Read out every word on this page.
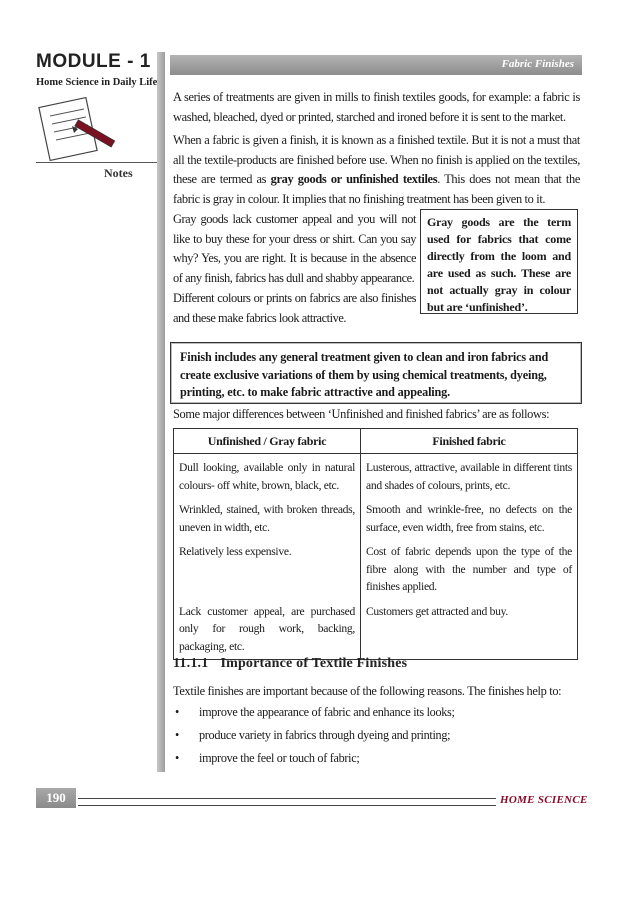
MODULE - 1
Home Science in Daily Life
Notes
Fabric Finishes

A series of treatments are given in mills to finish textiles goods, for example: a fabric is washed, bleached, dyed or printed, starched and ironed before it is sent to the market.

When a fabric is given a finish, it is known as a finished textile. But it is not a must that all the textile-products are finished before use. When no finish is applied on the textiles, these are termed as gray goods or unfinished textiles. This does not mean that the fabric is gray in colour. It implies that no finishing treatment has been given to it.

Gray goods lack customer appeal and you will not like to buy these for your dress or shirt. Can you say why? Yes, you are right. It is because in the absence of any finish, fabrics has dull and shabby appearance.

Different colours or prints on fabrics are also finishes and these make fabrics look attractive.

Gray goods are the term used for fabrics that come directly from the loom and are used as such. These are not actually gray in colour but are ‘unfinished’.
Finish includes any general treatment given to clean and iron fabrics and create exclusive variations of them by using chemical treatments, dyeing, printing, etc. to make fabric attractive and appealing.

Some major differences between ‘Unfinished and finished fabrics’ are as follows:

Unfinished / Gray fabric	Finished fabric
Dull looking, available only in natural colours- off white, brown, black, etc.	Lusterous, attractive, available in different tints and shades of colours, prints, etc.
Wrinkled, stained, with broken threads, uneven in width, etc.	Smooth and wrinkle-free, no defects on the surface, even width, free from stains, etc.
Relatively less expensive.	Cost of fabric depends upon the type of the fibre along with the number and type of finishes applied.
Lack customer appeal, are purchased only for rough work, backing, packaging, etc.	Customers get attracted and buy.
11.1.1 Importance of Textile Finishes

Textile finishes are important because of the following reasons. The finishes help to:

• improve the appearance of fabric and enhance its looks;
• produce variety in fabrics through dyeing and printing;
• improve the feel or touch of fabric;
190	HOME SCIENCE
